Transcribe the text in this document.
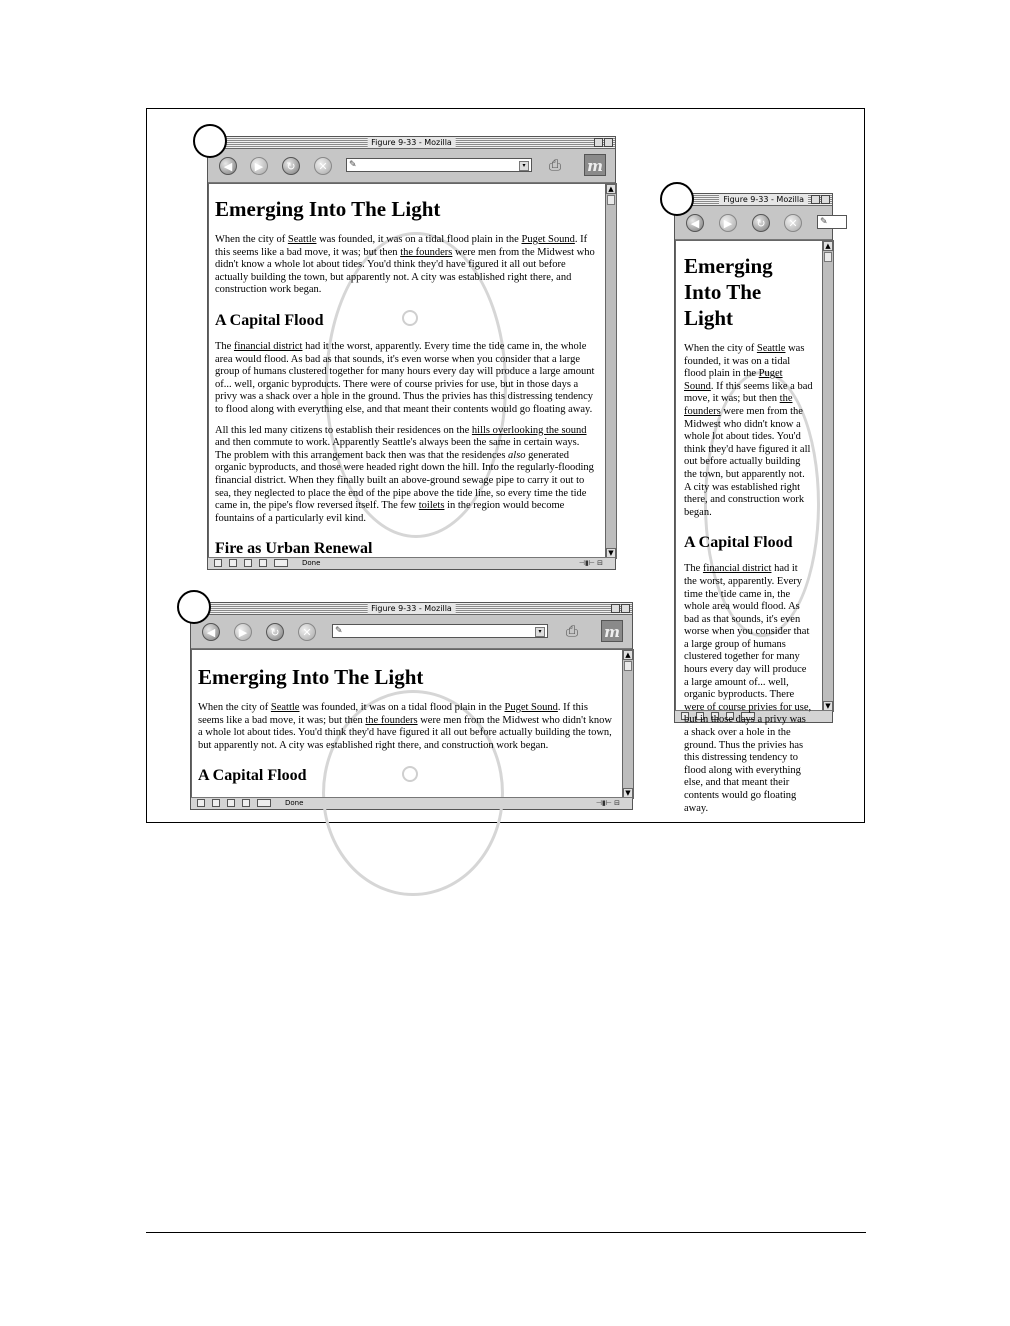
Figure 9-33 - Mozilla
◀	▶	↻	✕	✎	▾	⎙	m
Emerging Into The Light

When the city of Seattle was founded, it was on a tidal flood plain in the Puget Sound. If this seems like a bad move, it was; but then the founders were men from the Midwest who didn't know a whole lot about tides. You'd think they'd have figured it all out before actually building the town, but apparently not. A city was established right there, and construction work began.

A Capital Flood

The financial district had it the worst, apparently. Every time the tide came in, the whole area would flood. As bad as that sounds, it's even worse when you consider that a large group of humans clustered together for many hours every day will produce a large amount of... well, organic byproducts. There were of course privies for use, but in those days a privy was a shack over a hole in the ground. Thus the privies has this distressing tendency to flood along with everything else, and that meant their contents would go floating away.

All this led many citizens to establish their residences on the hills overlooking the sound and then commute to work. Apparently Seattle's always been the same in certain ways. The problem with this arrangement back then was that the residences also generated organic byproducts, and those were headed right down the hill. Into the regularly-flooding financial district. When they finally built an above-ground sewage pipe to carry it out to sea, they neglected to place the end of the pipe above the tide line, so every time the tide came in, the pipe's flow reversed itself. The few toilets in the region would become fountains of a particularly evil kind.

Fire as Urban Renewal
▲
▼
Done	⊣▮⊢ ⊟
Figure 9-33 - Mozilla
◀	▶	↻	✕	✎
Emerging Into The Light

When the city of Seattle was founded, it was on a tidal flood plain in the Puget Sound. If this seems like a bad move, it was; but then the founders were men from the Midwest who didn't know a whole lot about tides. You'd think they'd have figured it all out before actually building the town, but apparently not. A city was established right there, and construction work began.

A Capital Flood

The financial district had it the worst, apparently. Every time the tide came in, the whole area would flood. As bad as that sounds, it's even worse when you consider that a large group of humans clustered together for many hours every day will produce a large amount of... well, organic byproducts. There were of course privies for use, but in those days a privy was a shack over a hole in the ground. Thus the privies has this distressing tendency to flood along with everything else, and that meant their contents would go floating away.

▲
▼
Figure 9-33 - Mozilla
◀	▶	↻	✕	✎	▾	⎙	m
Emerging Into The Light

When the city of Seattle was founded, it was on a tidal flood plain in the Puget Sound. If this seems like a bad move, it was; but then the founders were men from the Midwest who didn't know a whole lot about tides. You'd think they'd have figured it all out before actually building the town, but apparently not. A city was established right there, and construction work began.

A Capital Flood
▲
▼
Done	⊣▮⊢ ⊟
